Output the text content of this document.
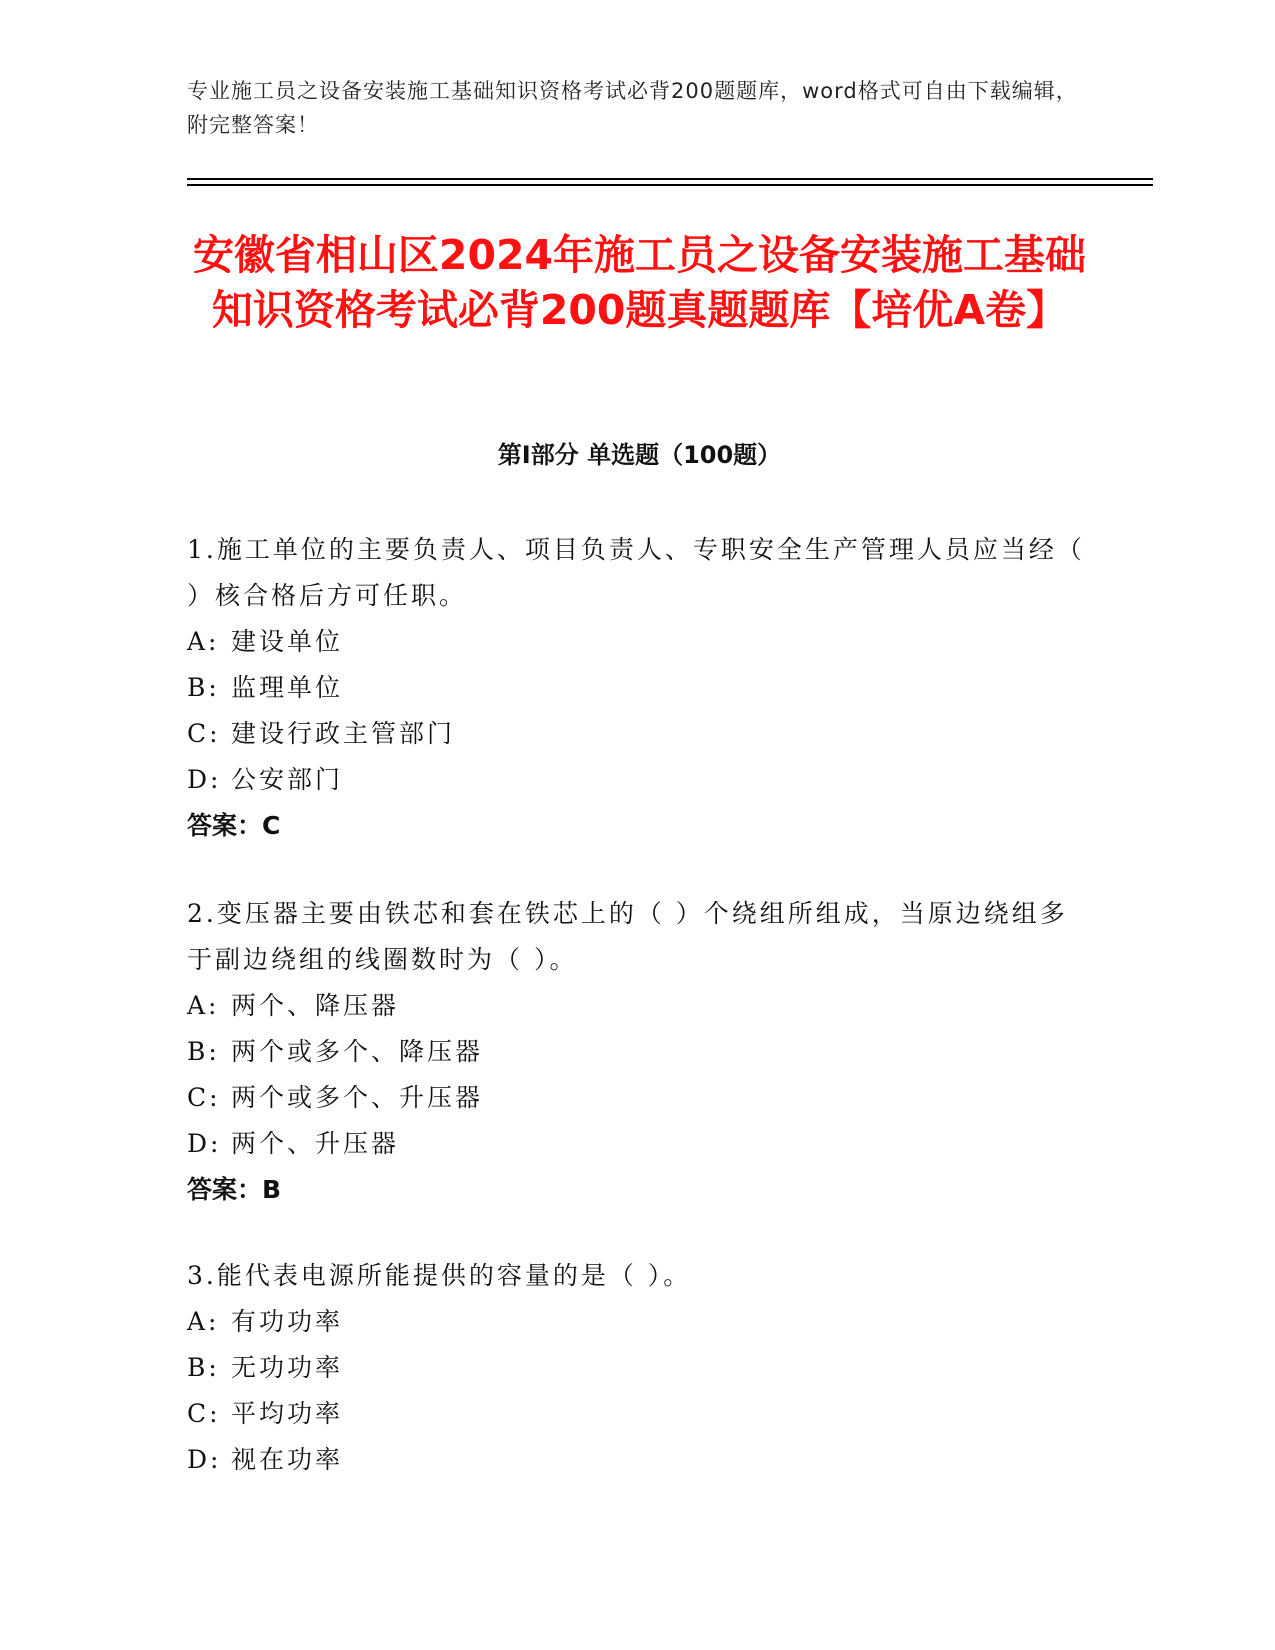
专业施工员之设备安装施工基础知识资格考试必背200题题库，word格式可自由下载编辑，附完整答案！
安徽省相山区2024年施工员之设备安装施工基础知识资格考试必背200题真题题库【培优A卷】
第Ⅰ部分 单选题（100题）

1.施工单位的主要负责人、项目负责人、专职安全生产管理人员应当经（ ）核合格后方可任职。

A: 建设单位

B: 监理单位

C: 建设行政主管部门

D: 公安部门

答案：C

2.变压器主要由铁芯和套在铁芯上的（ ）个绕组所组成，当原边绕组多于副边绕组的线圈数时为（ ）。

A: 两个、降压器

B: 两个或多个、降压器

C: 两个或多个、升压器

D: 两个、升压器

答案：B

3.能代表电源所能提供的容量的是（ ）。

A: 有功功率

B: 无功功率

C: 平均功率

D: 视在功率
